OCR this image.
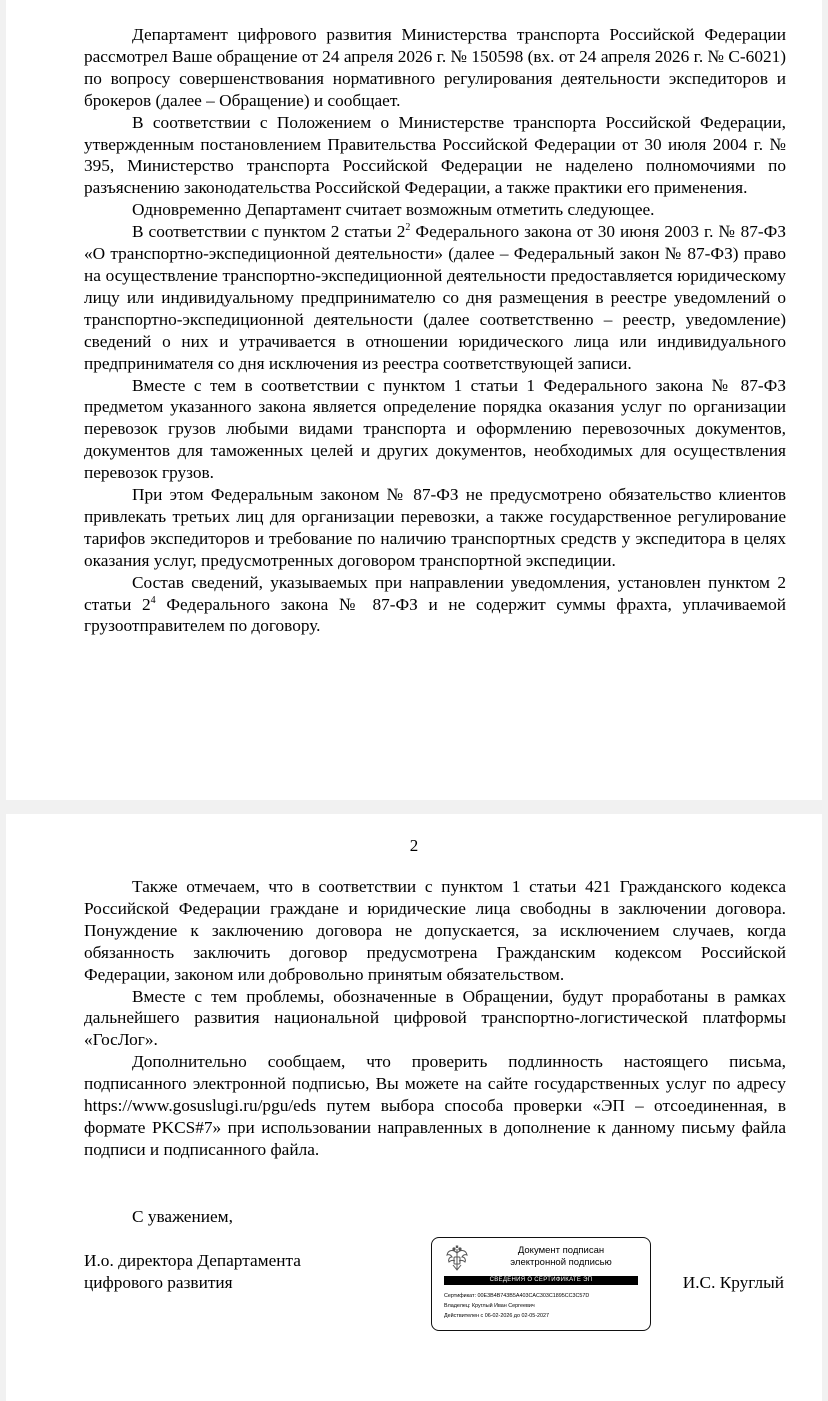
Департамент цифрового развития Министерства транспорта Российской Федерации рассмотрел Ваше обращение от 24 апреля 2026 г. № 150598 (вх. от 24 апреля 2026 г. № С-6021) по вопросу совершенствования нормативного регулирования деятельности экспедиторов и брокеров (далее – Обращение) и сообщает.

В соответствии с Положением о Министерстве транспорта Российской Федерации, утвержденным постановлением Правительства Российской Федерации от 30 июля 2004 г. № 395, Министерство транспорта Российской Федерации не наделено полномочиями по разъяснению законодательства Российской Федерации, а также практики его применения.

Одновременно Департамент считает возможным отметить следующее.

В соответствии с пунктом 2 статьи $2^2$ Федерального закона от 30 июня 2003 г. № 87-ФЗ «О транспортно-экспедиционной деятельности» (далее – Федеральный закон № 87-ФЗ) право на осуществление транспортно-экспедиционной деятельности предоставляется юридическому лицу или индивидуальному предпринимателю со дня размещения в реестре уведомлений о транспортно-экспедиционной деятельности (далее соответственно – реестр, уведомление) сведений о них и утрачивается в отношении юридического лица или индивидуального предпринимателя со дня исключения из реестра соответствующей записи.

Вместе с тем в соответствии с пунктом 1 статьи 1 Федерального закона № 87-ФЗ предметом указанного закона является определение порядка оказания услуг по организации перевозок грузов любыми видами транспорта и оформлению перевозочных документов, документов для таможенных целей и других документов, необходимых для осуществления перевозок грузов.

При этом Федеральным законом № 87-ФЗ не предусмотрено обязательство клиентов привлекать третьих лиц для организации перевозки, а также государственное регулирование тарифов экспедиторов и требование по наличию транспортных средств у экспедитора в целях оказания услуг, предусмотренных договором транспортной экспедиции.

Состав сведений, указываемых при направлении уведомления, установлен пунктом 2 статьи $2^4$ Федерального закона № 87-ФЗ и не содержит суммы фрахта, уплачиваемой грузоотправителем по договору.

2

Также отмечаем, что в соответствии с пунктом 1 статьи 421 Гражданского кодекса Российской Федерации граждане и юридические лица свободны в заключении договора. Понуждение к заключению договора не допускается, за исключением случаев, когда обязанность заключить договор предусмотрена Гражданским кодексом Российской Федерации, законом или добровольно принятым обязательством.

Вместе с тем проблемы, обозначенные в Обращении, будут проработаны в рамках дальнейшего развития национальной цифровой транспортно-логистической платформы «ГосЛог».

Дополнительно сообщаем, что проверить подлинность настоящего письма, подписанного электронной подписью, Вы можете на сайте государственных услуг по адресу https://www.gosuslugi.ru/pgu/eds путем выбора способа проверки «ЭП – отсоединенная, в формате PKCS#7» при использовании направленных в дополнение к данному письму файла подписи и подписанного файла.

С уважением,

И.о. директора Департамента
цифрового развития
Документ подписан
электронной подписью
СВЕДЕНИЯ О СЕРТИФИКАТЕ ЭП
Сертификат: 00E3B4B743B5A403CAC303C1895CC3C57D
Владелец: Круглый Иван Сергеевич
Действителен с 06-02-2026 до 02-05-2027
И.С. Круглый
